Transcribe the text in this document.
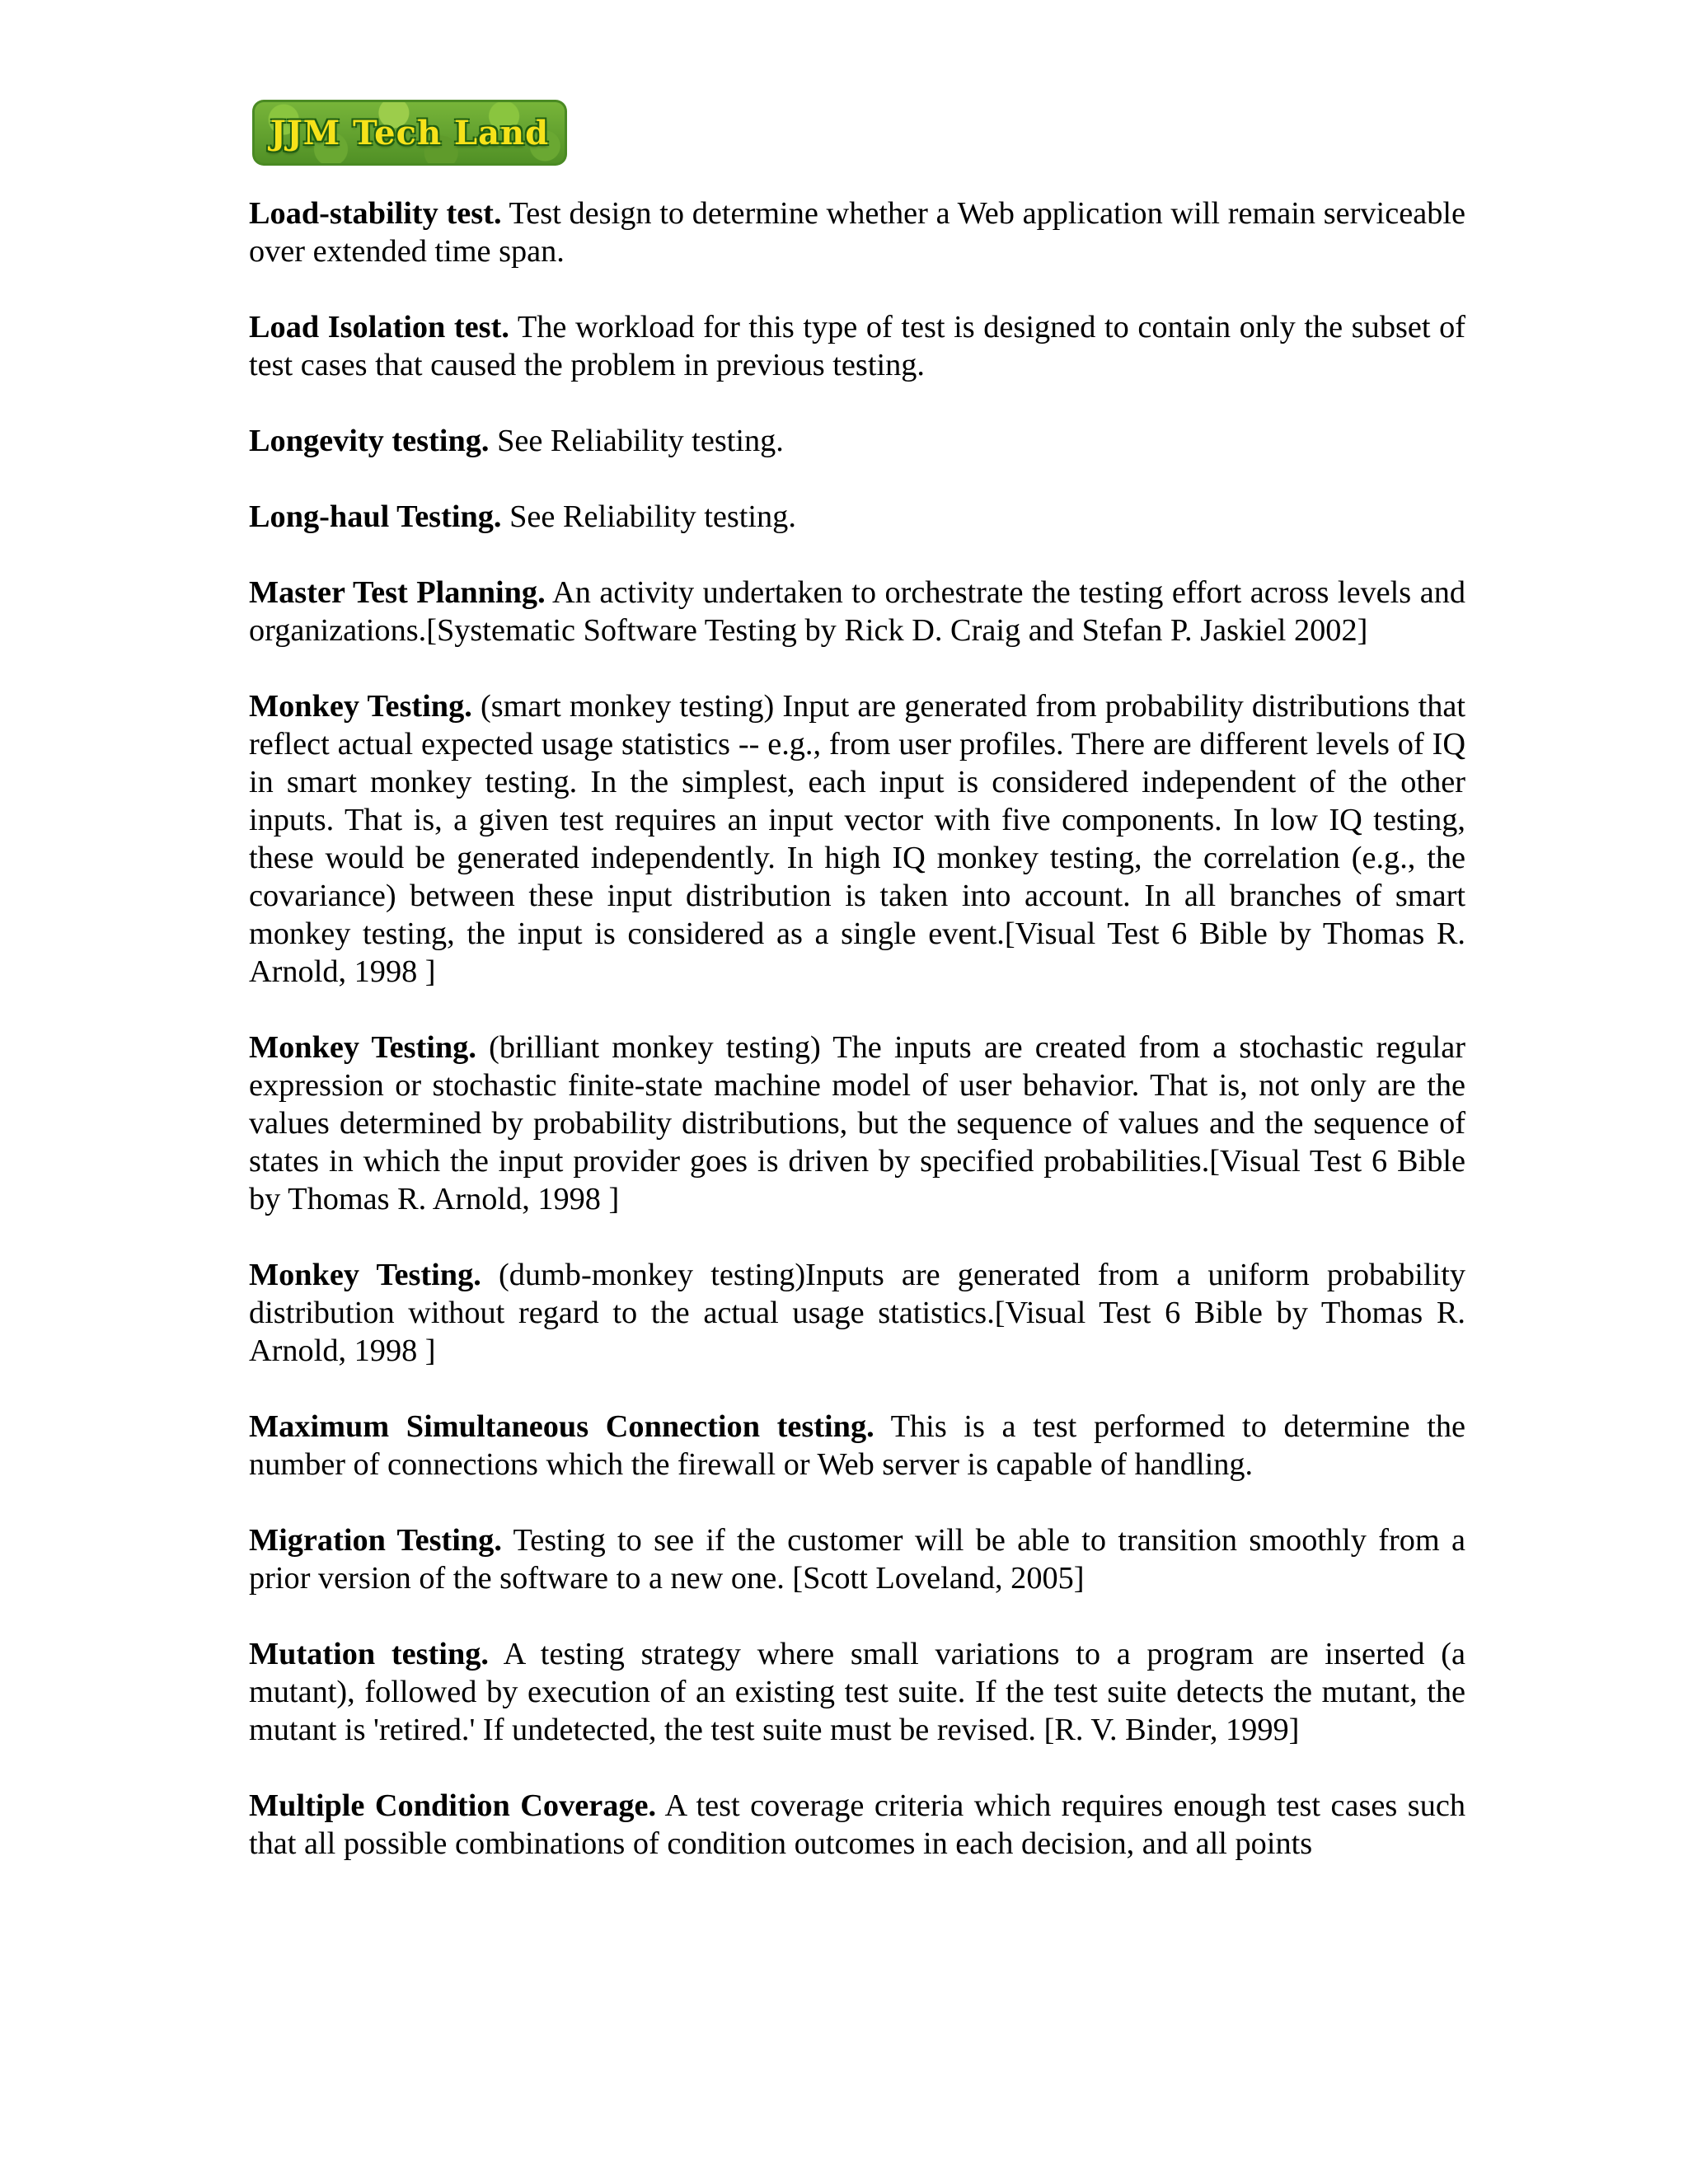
JJM Tech Land

Load-stability test. Test design to determine whether a Web application will remain serviceable over extended time span.

Load Isolation test. The workload for this type of test is designed to contain only the subset of test cases that caused the problem in previous testing.

Longevity testing. See Reliability testing.

Long-haul Testing. See Reliability testing.

Master Test Planning. An activity undertaken to orchestrate the testing effort across levels and organizations.[Systematic Software Testing by Rick D. Craig and Stefan P. Jaskiel 2002]

Monkey Testing. (smart monkey testing) Input are generated from probability distributions that reflect actual expected usage statistics -- e.g., from user profiles. There are different levels of IQ in smart monkey testing. In the simplest, each input is considered independent of the other inputs. That is, a given test requires an input vector with five components. In low IQ testing, these would be generated independently. In high IQ monkey testing, the correlation (e.g., the covariance) between these input distribution is taken into account. In all branches of smart monkey testing, the input is considered as a single event.[Visual Test 6 Bible by Thomas R. Arnold, 1998 ]

Monkey Testing. (brilliant monkey testing) The inputs are created from a stochastic regular expression or stochastic finite-state machine model of user behavior. That is, not only are the values determined by probability distributions, but the sequence of values and the sequence of states in which the input provider goes is driven by specified probabilities.[Visual Test 6 Bible by Thomas R. Arnold, 1998 ]

Monkey Testing. (dumb-monkey testing)Inputs are generated from a uniform probability distribution without regard to the actual usage statistics.[Visual Test 6 Bible by Thomas R. Arnold, 1998 ]

Maximum Simultaneous Connection testing. This is a test performed to determine the number of connections which the firewall or Web server is capable of handling.

Migration Testing. Testing to see if the customer will be able to transition smoothly from a prior version of the software to a new one. [Scott Loveland, 2005]

Mutation testing. A testing strategy where small variations to a program are inserted (a mutant), followed by execution of an existing test suite. If the test suite detects the mutant, the mutant is 'retired.' If undetected, the test suite must be revised. [R. V. Binder, 1999]

Multiple Condition Coverage. A test coverage criteria which requires enough test cases such that all possible combinations of condition outcomes in each decision, and all points
